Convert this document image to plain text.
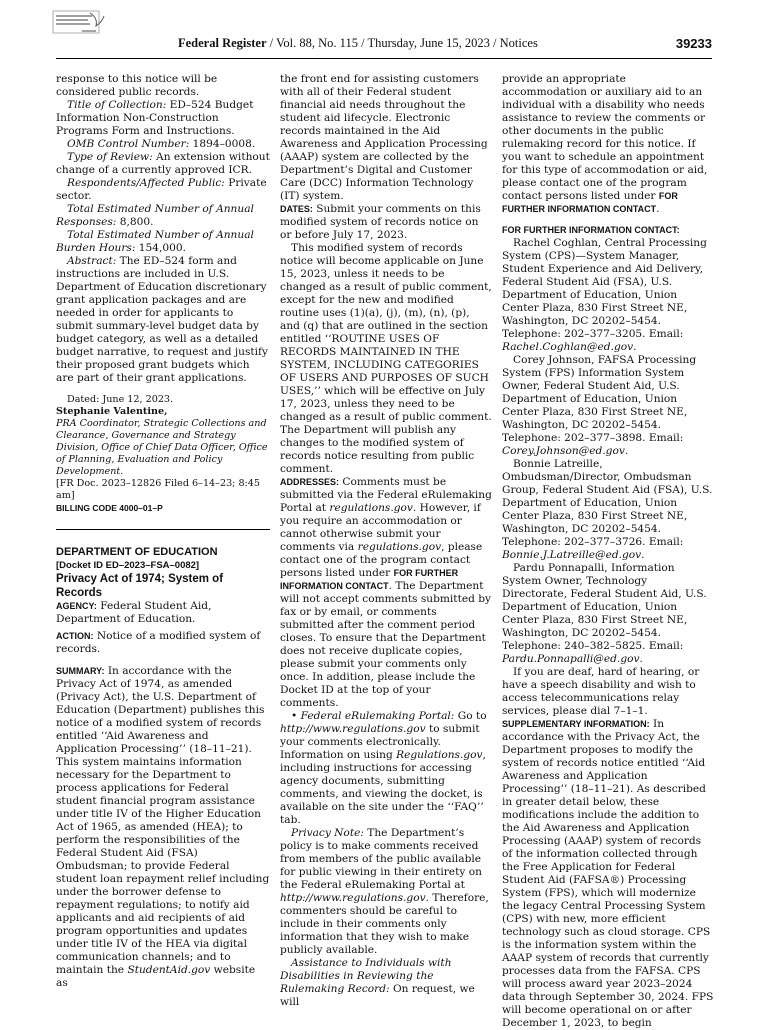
Federal Register / Vol. 88, No. 115 / Thursday, June 15, 2023 / Notices	39233

response to this notice will be considered public records.

Title of Collection: ED–524 Budget Information Non-Construction Programs Form and Instructions.

OMB Control Number: 1894–0008.

Type of Review: An extension without change of a currently approved ICR.

Respondents/Affected Public: Private sector.

Total Estimated Number of Annual Responses: 8,800.

Total Estimated Number of Annual Burden Hours: 154,000.

Abstract: The ED–524 form and instructions are included in U.S. Department of Education discretionary grant application packages and are needed in order for applicants to submit summary-level budget data by budget category, as well as a detailed budget narrative, to request and justify their proposed grant budgets which are part of their grant applications.

Dated: June 12, 2023.

Stephanie Valentine,

PRA Coordinator, Strategic Collections and Clearance, Governance and Strategy Division, Office of Chief Data Officer, Office of Planning, Evaluation and Policy Development.

[FR Doc. 2023–12826 Filed 6–14–23; 8:45 am]

BILLING CODE 4000–01–P

DEPARTMENT OF EDUCATION

[Docket ID ED–2023–FSA–0082]

Privacy Act of 1974; System of Records

AGENCY: Federal Student Aid, Department of Education.

ACTION: Notice of a modified system of records.

SUMMARY: In accordance with the Privacy Act of 1974, as amended (Privacy Act), the U.S. Department of Education (Department) publishes this notice of a modified system of records entitled ‘‘Aid Awareness and Application Processing’’ (18–11–21). This system maintains information necessary for the Department to process applications for Federal student financial program assistance under title IV of the Higher Education Act of 1965, as amended (HEA); to perform the responsibilities of the Federal Student Aid (FSA) Ombudsman; to provide Federal student loan repayment relief including under the borrower defense to repayment regulations; to notify aid applicants and aid recipients of aid program opportunities and updates under title IV of the HEA via digital communication channels; and to maintain the StudentAid.gov website as

the front end for assisting customers with all of their Federal student financial aid needs throughout the student aid lifecycle. Electronic records maintained in the Aid Awareness and Application Processing (AAAP) system are collected by the Department’s Digital and Customer Care (DCC) Information Technology (IT) system.

DATES: Submit your comments on this modified system of records notice on or before July 17, 2023.

This modified system of records notice will become applicable on June 15, 2023, unless it needs to be changed as a result of public comment, except for the new and modified routine uses (1)(a), (j), (m), (n), (p), and (q) that are outlined in the section entitled ‘‘ROUTINE USES OF RECORDS MAINTAINED IN THE SYSTEM, INCLUDING CATEGORIES OF USERS AND PURPOSES OF SUCH USES,’’ which will be effective on July 17, 2023, unless they need to be changed as a result of public comment. The Department will publish any changes to the modified system of records notice resulting from public comment.

ADDRESSES: Comments must be submitted via the Federal eRulemaking Portal at regulations.gov. However, if you require an accommodation or cannot otherwise submit your comments via regulations.gov, please contact one of the program contact persons listed under FOR FURTHER INFORMATION CONTACT. The Department will not accept comments submitted by fax or by email, or comments submitted after the comment period closes. To ensure that the Department does not receive duplicate copies, please submit your comments only once. In addition, please include the Docket ID at the top of your comments.

• Federal eRulemaking Portal: Go to http://www.regulations.gov to submit your comments electronically. Information on using Regulations.gov, including instructions for accessing agency documents, submitting comments, and viewing the docket, is available on the site under the ‘‘FAQ’’ tab.

Privacy Note: The Department’s policy is to make comments received from members of the public available for public viewing in their entirety on the Federal eRulemaking Portal at http://www.regulations.gov. Therefore, commenters should be careful to include in their comments only information that they wish to make publicly available.

Assistance to Individuals with Disabilities in Reviewing the Rulemaking Record: On request, we will

provide an appropriate accommodation or auxiliary aid to an individual with a disability who needs assistance to review the comments or other documents in the public rulemaking record for this notice. If you want to schedule an appointment for this type of accommodation or aid, please contact one of the program contact persons listed under FOR FURTHER INFORMATION CONTACT.

FOR FURTHER INFORMATION CONTACT:

Rachel Coghlan, Central Processing System (CPS)—System Manager, Student Experience and Aid Delivery, Federal Student Aid (FSA), U.S. Department of Education, Union Center Plaza, 830 First Street NE, Washington, DC 20202–5454. Telephone: 202–377–3205. Email: Rachel.Coghlan@ed.gov.

Corey Johnson, FAFSA Processing System (FPS) Information System Owner, Federal Student Aid, U.S. Department of Education, Union Center Plaza, 830 First Street NE, Washington, DC 20202–5454. Telephone: 202–377–3898. Email: Corey.Johnson@ed.gov.

Bonnie Latreille, Ombudsman/Director, Ombudsman Group, Federal Student Aid (FSA), U.S. Department of Education, Union Center Plaza, 830 First Street NE, Washington, DC 20202–5454. Telephone: 202–377–3726. Email: Bonnie.J.Latreille@ed.gov.

Pardu Ponnapalli, Information System Owner, Technology Directorate, Federal Student Aid, U.S. Department of Education, Union Center Plaza, 830 First Street NE, Washington, DC 20202–5454. Telephone: 240–382–5825. Email: Pardu.Ponnapalli@ed.gov.

If you are deaf, hard of hearing, or have a speech disability and wish to access telecommunications relay services, please dial 7–1–1.

SUPPLEMENTARY INFORMATION: In accordance with the Privacy Act, the Department proposes to modify the system of records notice entitled ‘‘Aid Awareness and Application Processing’’ (18–11–21). As described in greater detail below, these modifications include the addition to the Aid Awareness and Application Processing (AAAP) system of records of the information collected through the Free Application for Federal Student Aid (FAFSA®) Processing System (FPS), which will modernize the legacy Central Processing System (CPS) with new, more efficient technology such as cloud storage. CPS is the information system within the AAAP system of records that currently processes data from the FAFSA. CPS will process award year 2023–2024 data through September 30, 2024. FPS will become operational on or after December 1, 2023, to begin
